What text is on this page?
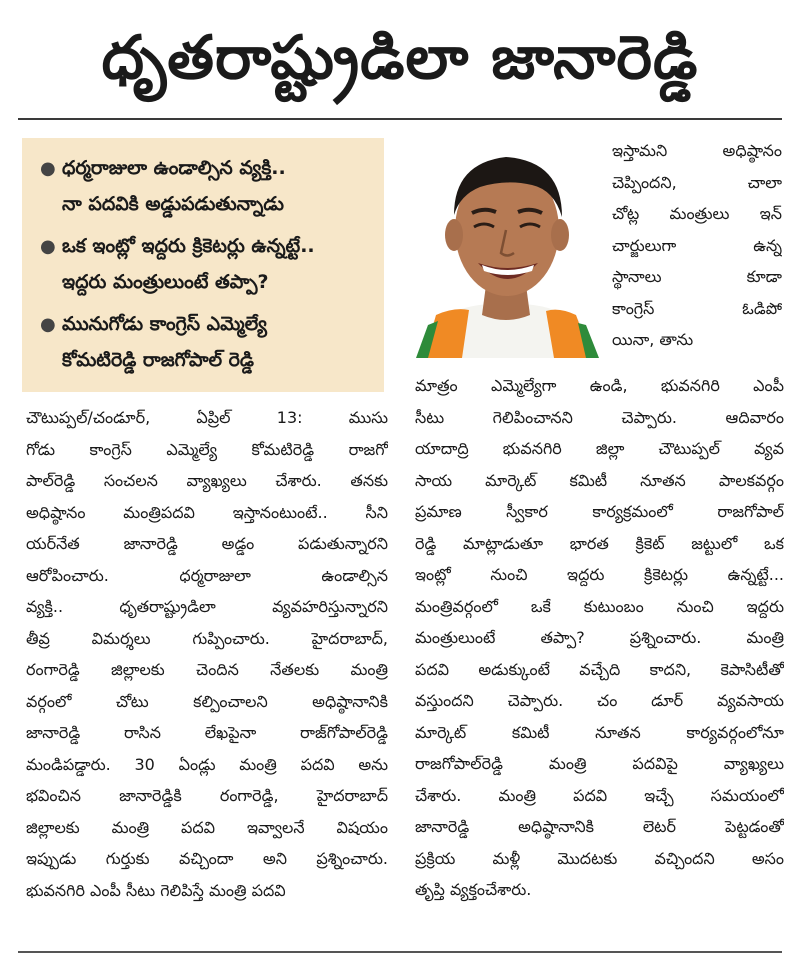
ధృతరాష్ట్రుడిలా జానారెడ్డి
● ధర్మరాజులా ఉండాల్సిన వ్యక్తి..
నా పదవికి అడ్డుపడుతున్నాడు
● ఒక ఇంట్లో ఇద్దరు క్రికెటర్లు ఉన్నట్టే..
ఇద్దరు మంత్రులుంటే తప్పా?
● మునుగోడు కాంగ్రెస్ ఎమ్మెల్యే
కోమటిరెడ్డి రాజగోపాల్ రెడ్డి
చౌటుప్పల్/చండూర్, ఏప్రిల్ 13: ముసు
గోడు కాంగ్రెస్ ఎమ్మెల్యే కోమటిరెడ్డి రాజగో
పాల్‌రెడ్డి సంచలన వ్యాఖ్యలు చేశారు. తనకు
అధిష్ఠానం మంత్రిపదవి ఇస్తానంటుంటే.. సీని
యర్‌నేత జానారెడ్డి అడ్డం పడుతున్నారని
ఆరోపించారు. ధర్మరాజులా ఉండాల్సిన
వ్యక్తి.. ధృతరాష్ట్రుడిలా వ్యవహరిస్తున్నారని
తీవ్ర విమర్శలు గుప్పించారు. హైదరాబాద్,
రంగారెడ్డి జిల్లాలకు చెందిన నేతలకు మంత్రి
వర్గంలో చోటు కల్పించాలని అధిష్ఠానానికి
జానారెడ్డి రాసిన లేఖపైనా రాజ్‌గోపాల్‌రెడ్డి
మండిపడ్డారు. 30 ఏండ్లు మంత్రి పదవి అను
భవించిన జానారెడ్డికి రంగారెడ్డి, హైదరాబాద్
జిల్లాలకు మంత్రి పదవి ఇవ్వాలనే విషయం
ఇప్పుడు గుర్తుకు వచ్చిందా అని ప్రశ్నించారు.
భువనగిరి ఎంపీ సీటు గెలిపిస్తే మంత్రి పదవి
ఇస్తామని అధిష్ఠానం
చెప్పిందని, చాలా
చోట్ల మంత్రులు ఇన్
చార్జులుగా ఉన్న
స్థానాలు కూడా
కాంగ్రెస్ ఓడిపో
యినా, తాను
మాత్రం ఎమ్మెల్యేగా ఉండి, భువనగిరి ఎంపీ
సీటు గెలిపించానని చెప్పారు. ఆదివారం
యాదాద్రి భువనగిరి జిల్లా చౌటుప్పల్ వ్యవ
సాయ మార్కెట్ కమిటీ నూతన పాలకవర్గం
ప్రమాణ స్వీకార కార్యక్రమంలో రాజగోపాల్
రెడ్డి మాట్లాడుతూ భారత క్రికెట్ జట్టులో ఒక
ఇంట్లో నుంచి ఇద్దరు క్రికెటర్లు ఉన్నట్టే...
మంత్రివర్గంలో ఒకే కుటుంబం నుంచి ఇద్దరు
మంత్రులుంటే తప్పా? ప్రశ్నించారు. మంత్రి
పదవి అడుక్కుంటే వచ్చేది కాదని, కెపాసిటీతో
వస్తుందని చెప్పారు. చం డూర్ వ్యవసాయ
మార్కెట్ కమిటీ నూతన కార్యవర్గంలోనూ
రాజగోపాల్‌రెడ్డి మంత్రి పదవిపై వ్యాఖ్యలు
చేశారు. మంత్రి పదవి ఇచ్చే సమయంలో
జానారెడ్డి అధిష్ఠానానికి లెటర్ పెట్టడంతో
ప్రక్రియ మళ్లీ మొదటకు వచ్చిందని అసం
తృప్తి వ్యక్తంచేశారు.
